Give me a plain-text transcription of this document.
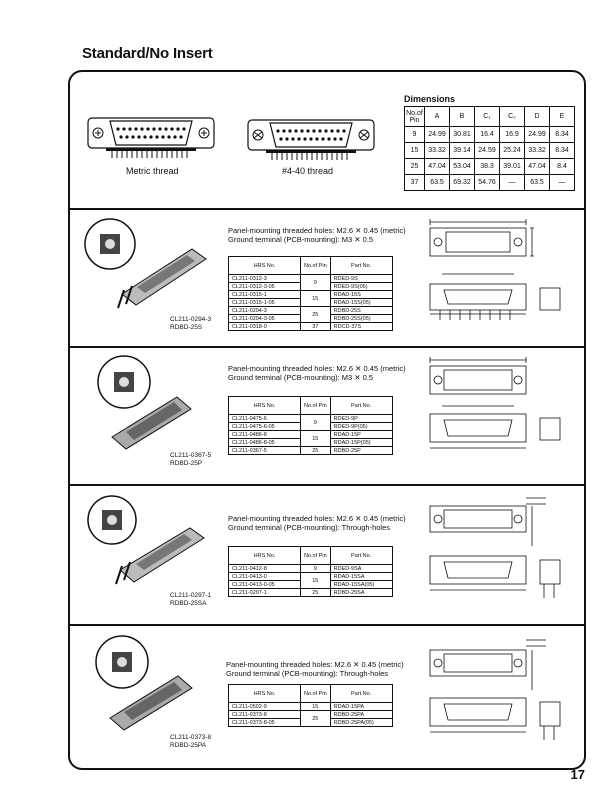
Standard/No Insert
Metric thread	#4-40 thread
Dimensions
No.of Pin	A	B	C₁	C₂	D	E
9	24.99	30.81	16.4	16.9	24.99	8.34
15	33.32	39.14	24.59	25.24	33.32	8.34
25	47.04	53.04	38.3	39.01	47.04	8.4
37	63.5	69.32	54.76	—	63.5	—
CL211-0294-3
RDBD-25S
Panel-mounting threaded holes: M2.6 ✕ 0.45 (metric)
Ground terminal (PCB-mounting): M3 ✕ 0.5
HRS No.	No.of Pin	Part No.
CL211-0312-3	9	RDED-9S
CL211-0312-3-05		RDED-9S(05)
CL211-0315-1	15	RDAD-15S
CL211-0315-1-05		RDAD-15S(05)
CL211-0294-3	25	RDBD-25S
CL211-0294-3-05		RDBD-25S(05)
CL211-0318-0	37	RDCD-37S
CL211-0367-5
RDBD-25P
Panel-mounting threaded holes: M2.6 ✕ 0.45 (metric)
Ground terminal (PCB-mounting): M3 ✕ 0.5
HRS No.	No.of Pin	Part No.
CL211-0475-6	9	RDED-9P
CL211-0475-6-05		RDED-9P(05)
CL211-0486-8	15	RDAD-15P
CL211-0486-8-05		RDAD-15P(05)
CL211-0367-5	25	RDBD-25P
CL211-0297-1
RDBD-25SA
Panel-mounting threaded holes: M2.6 ✕ 0.45 (metric)
Ground terminal (PCB-mounting): Through-holes
HRS No.	No.of Pin	Part No.
CL211-0412-8	9	RDED-9SA
CL211-0413-0	15	RDAD-15SA
CL211-0413-0-05		RDAD-15SA(05)
CL211-0297-1	25	RDBD-25SA
CL211-0373-8
RDBD-25PA
Panel-mounting threaded holes: M2.6 ✕ 0.45 (metric)
Ground terminal (PCB-mounting): Through-holes
HRS No.	No.of Pin	Part No.
CL211-0502-9	15	RDAD-15PA
CL211-0373-8	25	RDBD-25PA
CL211-0373-8-05		RDBD-25PA(05)
17
